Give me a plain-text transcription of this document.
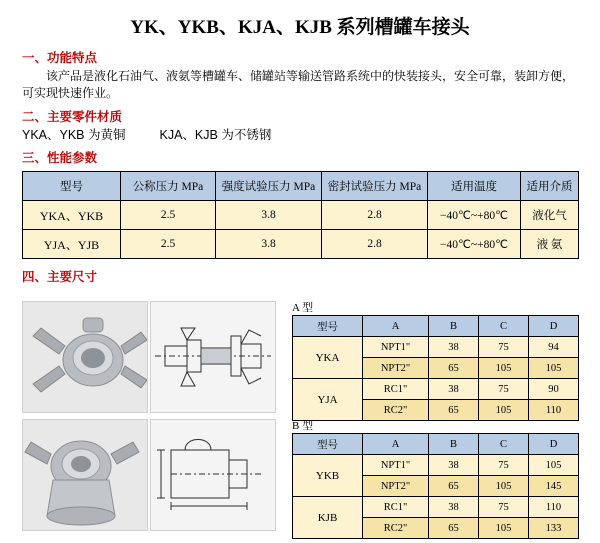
YK、YKB、KJA、KJB 系列槽罐车接头
一、功能特点
该产品是液化石油气、液氨等槽罐车、储罐站等输送管路系统中的快装接头，安全可靠，装卸方便，可实现快速作业。
二、主要零件材质
YKA、YKB 为黄铜	KJA、KJB 为不锈钢
三、性能参数
型号	公称压力 MPa	强度试验压力 MPa	密封试验压力 MPa	适用温度	适用介质
YKA、YKB	2.5	3.8	2.8	−40℃~+80℃	液化气
YJA、YJB	2.5	3.8	2.8	−40℃~+80℃	液 氨
四、主要尺寸
A 型
B 型
型号	A	B	C	D
YKA	NPT1"	38	75	94
	NPT2"	65	105	105
YJA	RC1"	38	75	90
	RC2"	65	105	110
型号	A	B	C	D
YKB	NPT1"	38	75	105
	NPT2"	65	105	145
KJB	RC1"	38	75	110
	RC2"	65	105	133
